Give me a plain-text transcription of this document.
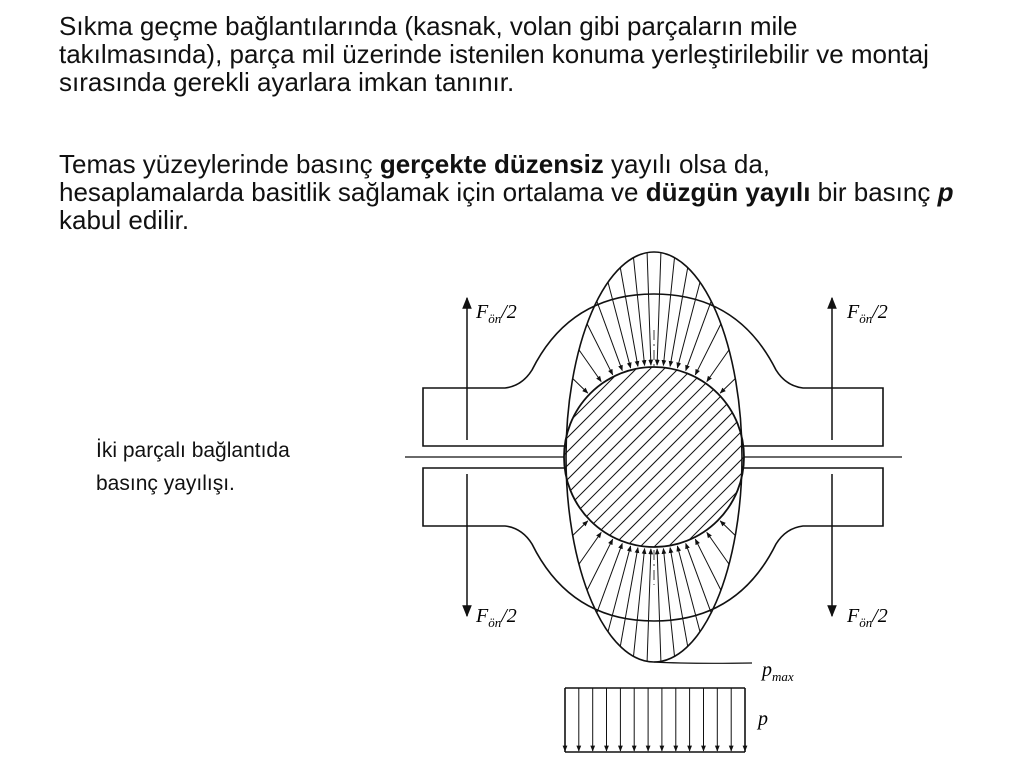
Sıkma geçme bağlantılarında (kasnak, volan gibi parçaların mile takılmasında), parça mil üzerinde istenilen konuma yerleştirilebilir ve montaj sırasında gerekli ayarlara imkan tanınır.

Temas yüzeylerinde basınç gerçekte düzensiz yayılı olsa da, hesaplamalarda basitlik sağlamak için ortalama ve düzgün yayılı bir basınç p kabul edilir.

İki parçalı bağlantıda
basınç yayılışı.
$F_{ön}/2$	$F_{ön}/2$
$F_{ön}/2$	$F_{ön}/2$
$p_{max}$
p
